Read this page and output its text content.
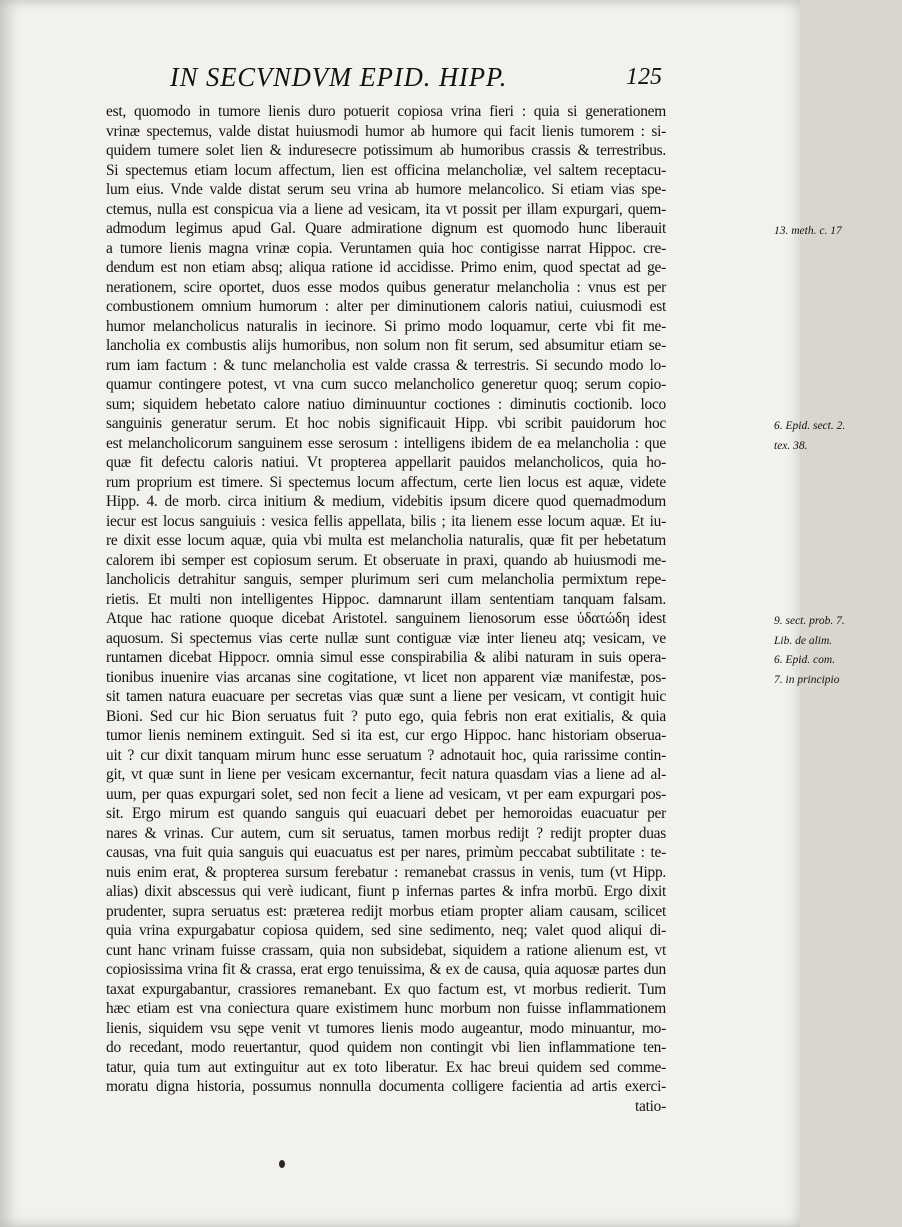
IN SECVNDVM EPID. HIPP.	125
est, quomodo in tumore lienis duro potuerit copiosa vrina fieri : quia si generationem
vrinæ spectemus, valde distat huiusmodi humor ab humore qui facit lienis tumorem : si-
quidem tumere solet lien & induresecre potissimum ab humoribus crassis & terrestribus.
Si spectemus etiam locum affectum, lien est officina melancholiæ, vel saltem receptacu-
lum eius. Vnde valde distat serum seu vrina ab humore melancolico. Si etiam vias spe-
ctemus, nulla est conspicua via a liene ad vesicam, ita vt possit per illam expurgari, quem-
admodum legimus apud Gal. Quare admiratione dignum est quomodo hunc liberauit
a tumore lienis magna vrinæ copia. Veruntamen quia hoc contigisse narrat Hippoc. cre-
dendum est non etiam absq; aliqua ratione id accidisse. Primo enim, quod spectat ad ge-
nerationem, scire oportet, duos esse modos quibus generatur melancholia : vnus est per
combustionem omnium humorum : alter per diminutionem caloris natiui, cuiusmodi est
humor melancholicus naturalis in iecinore. Si primo modo loquamur, certe vbi fit me-
lancholia ex combustis alijs humoribus, non solum non fit serum, sed absumitur etiam se-
rum iam factum : & tunc melancholia est valde crassa & terrestris. Si secundo modo lo-
quamur contingere potest, vt vna cum succo melancholico generetur quoq; serum copio-
sum; siquidem hebetato calore natiuo diminuuntur coctiones : diminutis coctionib. loco
sanguinis generatur serum. Et hoc nobis significauit Hipp. vbi scribit pauidorum hoc
est melancholicorum sanguinem esse serosum : intelligens ibidem de ea melancholia : que
quæ fit defectu caloris natiui. Vt propterea appellarit pauidos melancholicos, quia ho-
rum proprium est timere. Si spectemus locum affectum, certe lien locus est aquæ, videte
Hipp. 4. de morb. circa initium & medium, videbitis ipsum dicere quod quemadmodum
iecur est locus sanguiuis : vesica fellis appellata, bilis ; ita lienem esse locum aquæ. Et iu-
re dixit esse locum aquæ, quia vbi multa est melancholia naturalis, quæ fit per hebetatum
calorem ibi semper est copiosum serum. Et obseruate in praxi, quando ab huiusmodi me-
lancholicis detrahitur sanguis, semper plurimum seri cum melancholia permixtum repe-
rietis. Et multi non intelligentes Hippoc. damnarunt illam sententiam tanquam falsam.
Atque hac ratione quoque dicebat Aristotel. sanguinem lienosorum esse ὑδατώδη idest
aquosum. Si spectemus vias certe nullæ sunt contiguæ viæ inter lieneu atq; vesicam, ve
runtamen dicebat Hippocr. omnia simul esse conspirabilia & alibi naturam in suis opera-
tionibus inuenire vias arcanas sine cogitatione, vt licet non apparent viæ manifestæ, pos-
sit tamen natura euacuare per secretas vias quæ sunt a liene per vesicam, vt contigit huic
Bioni. Sed cur hic Bion seruatus fuit ? puto ego, quia febris non erat exitialis, & quia
tumor lienis neminem extinguit. Sed si ita est, cur ergo Hippoc. hanc historiam obserua-
uit ? cur dixit tanquam mirum hunc esse seruatum ? adnotauit hoc, quia rarissime contin-
git, vt quæ sunt in liene per vesicam excernantur, fecit natura quasdam vias a liene ad al-
uum, per quas expurgari solet, sed non fecit a liene ad vesicam, vt per eam expurgari pos-
sit. Ergo mirum est quando sanguis qui euacuari debet per hemoroidas euacuatur per
nares & vrinas. Cur autem, cum sit seruatus, tamen morbus redijt ? redijt propter duas
causas, vna fuit quia sanguis qui euacuatus est per nares, primùm peccabat subtilitate : te-
nuis enim erat, & propterea sursum ferebatur : remanebat crassus in venis, tum (vt Hipp.
alias) dixit abscessus qui verè iudicant, fiunt p infernas partes & infra morbū. Ergo dixit
prudenter, supra seruatus est: præterea redijt morbus etiam propter aliam causam, scilicet
quia vrina expurgabatur copiosa quidem, sed sine sedimento, neq; valet quod aliqui di-
cunt hanc vrinam fuisse crassam, quia non subsidebat, siquidem a ratione alienum est, vt
copiosissima vrina fit & crassa, erat ergo tenuissima, & ex de causa, quia aquosæ partes dun
taxat expurgabantur, crassiores remanebant. Ex quo factum est, vt morbus redierit. Tum
hæc etiam est vna coniectura quare existimem hunc morbum non fuisse inflammationem
lienis, siquidem vsu sępe venit vt tumores lienis modo augeantur, modo minuantur, mo-
do recedant, modo reuertantur, quod quidem non contingit vbi lien inflammatione ten-
tatur, quia tum aut extinguitur aut ex toto liberatur. Ex hac breui quidem sed comme-
moratu digna historia, possumus nonnulla documenta colligere facientia ad artis exerci-
tatio-
13. meth. c. 17
6. Epid. sect. 2.
tex. 38.
9. sect. prob. 7.
Lib. de alim.
6. Epid. com.
7. in principio
